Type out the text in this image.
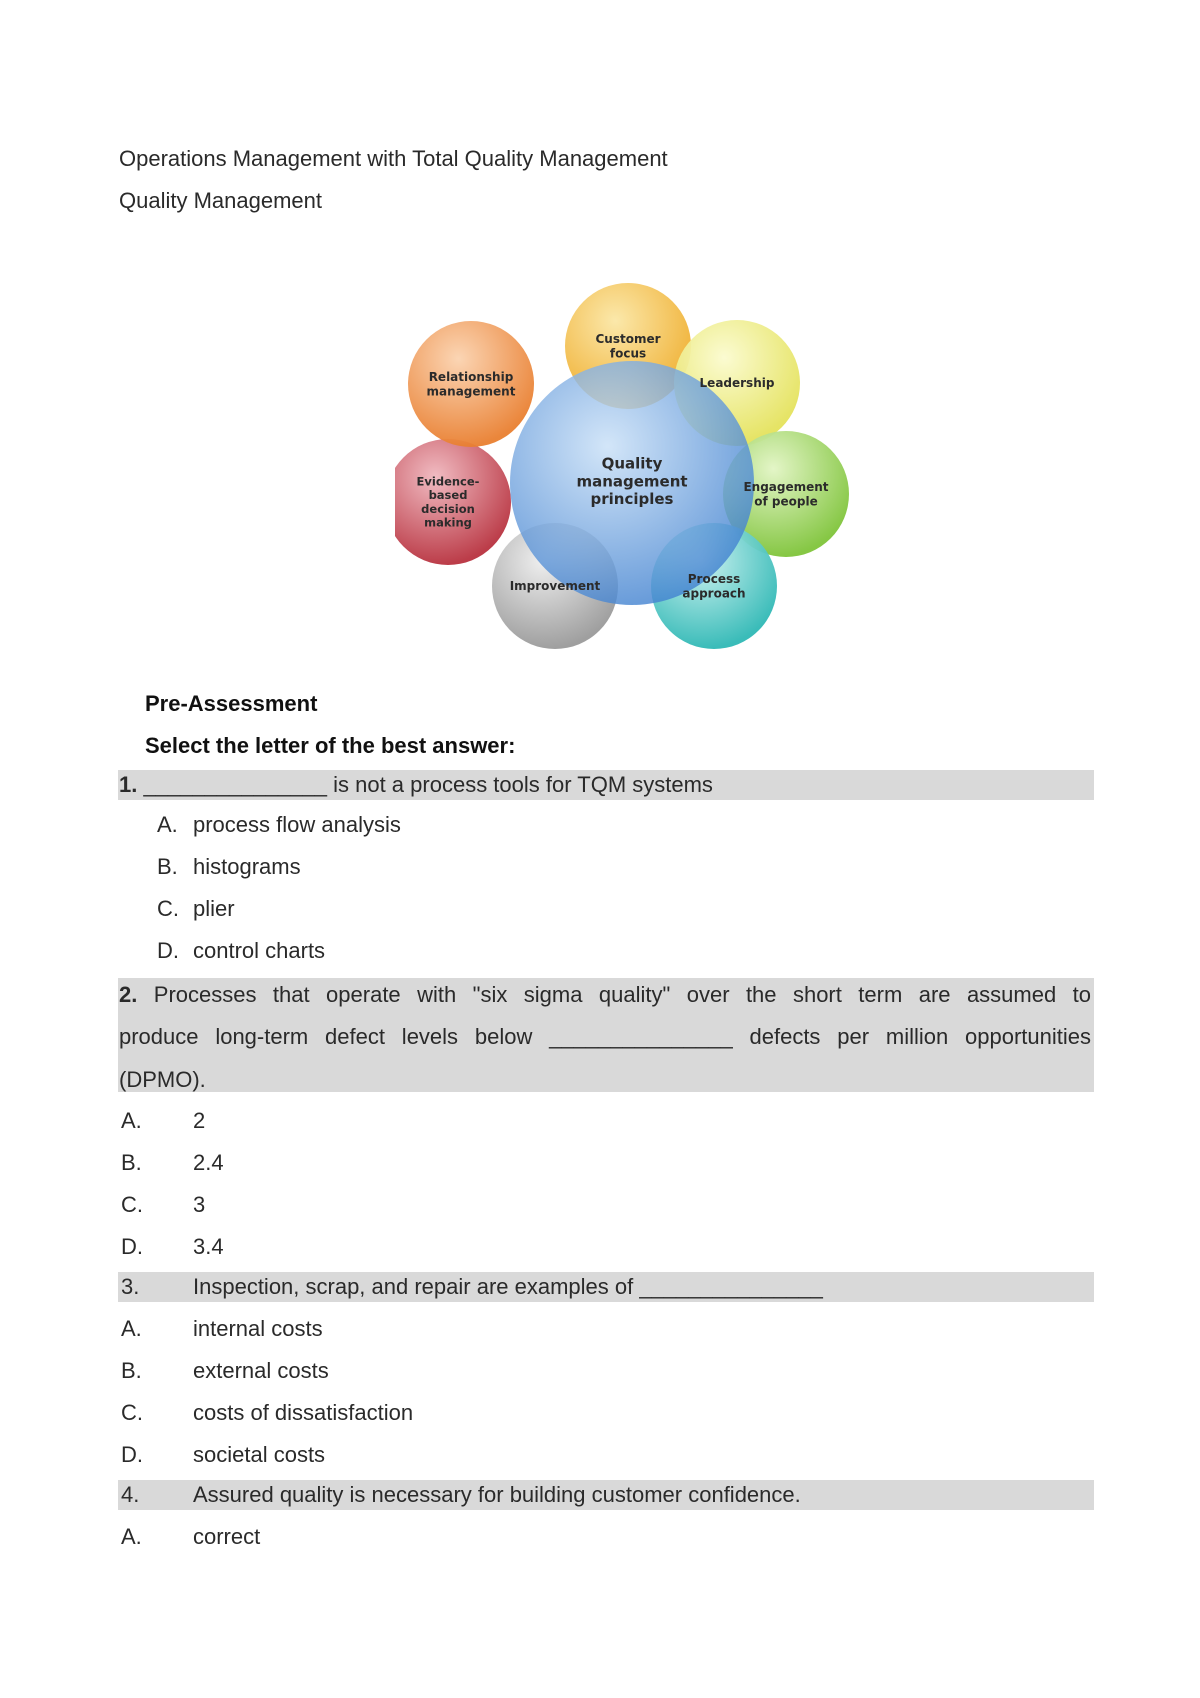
Operations Management with Total Quality Management
Quality Management
Quality management principles
Customer focus
Leadership
Engagement of people
Process approach
Improvement
Evidence-based decision making
Relationship management
Pre-Assessment
Select the letter of the best answer:
1. _______________ is not a process tools for TQM systems
A. process flow analysis
B. histograms
C. plier
D. control charts
2. Processes that operate with "six sigma quality" over the short term are assumed to
produce long-term defect levels below _______________ defects per million opportunities
(DPMO).
A. 2
B. 2.4
C. 3
D. 3.4
3. Inspection, scrap, and repair are examples of _______________
A. internal costs
B. external costs
C. costs of dissatisfaction
D. societal costs
4. Assured quality is necessary for building customer confidence.
A. correct
